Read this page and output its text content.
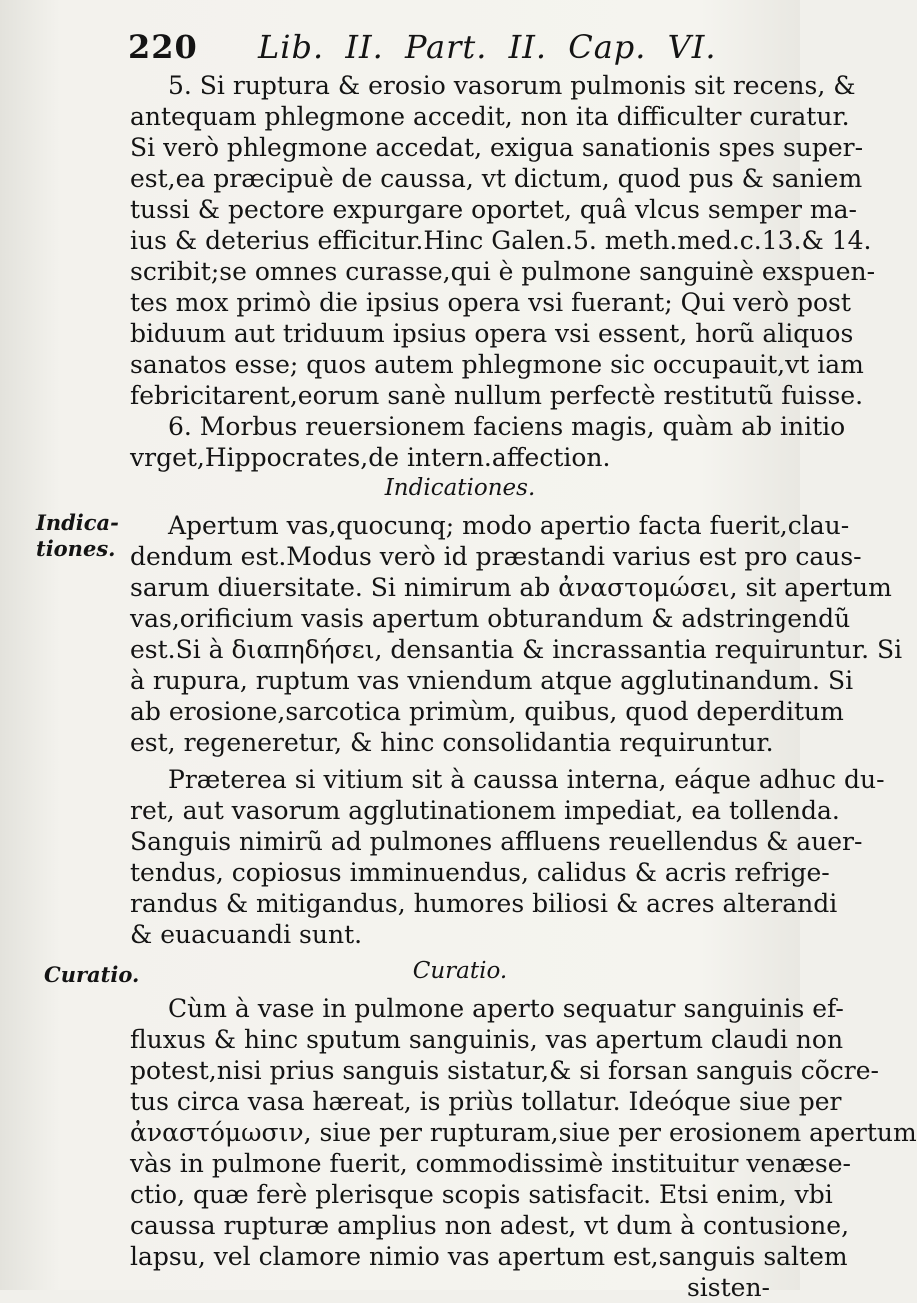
220 Lib. II. Part. II. Cap. VI.
Indica-
tiones.
Curatio.
5. Si ruptura & erosio vasorum pulmonis sit recens, &
antequam phlegmone accedit, non ita difficulter curatur.
Si verò phlegmone accedat, exigua sanationis spes super-
est,ea præcipuè de caussa, vt dictum, quod pus & saniem
tussi & pectore expurgare oportet, quâ vlcus semper ma-
ius & deterius efficitur.Hinc Galen.5. meth.med.c.13.& 14.
scribit;se omnes curasse,qui è pulmone sanguinè exspuen-
tes mox primò die ipsius opera vsi fuerant; Qui verò post
biduum aut triduum ipsius opera vsi essent, horũ aliquos
sanatos esse; quos autem phlegmone sic occupauit,vt iam
febricitarent,eorum sanè nullum perfectè restitutũ fuisse.
6. Morbus reuersionem faciens magis, quàm ab initio
vrget,Hippocrates,de intern.affection.
Indicationes.
Apertum vas,quocunq; modo apertio facta fuerit,clau-
dendum est.Modus verò id præstandi varius est pro caus-
sarum diuersitate. Si nimirum ab ἀναστομώσει, sit apertum
vas,orificium vasis apertum obturandum & adstringendũ
est.Si à διαπηδήσει, densantia & incrassantia requiruntur. Si
à rupura, ruptum vas vniendum atque agglutinandum. Si
ab erosione,sarcotica primùm, quibus, quod deperditum
est, regeneretur, & hinc consolidantia requiruntur.
Præterea si vitium sit à caussa interna, eáque adhuc du-
ret, aut vasorum agglutinationem impediat, ea tollenda.
Sanguis nimirũ ad pulmones affluens reuellendus & auer-
tendus, copiosus imminuendus, calidus & acris refrige-
randus & mitigandus, humores biliosi & acres alterandi
& euacuandi sunt.
Curatio.
Cùm à vase in pulmone aperto sequatur sanguinis ef-
fluxus & hinc sputum sanguinis, vas apertum claudi non
potest,nisi prius sanguis sistatur,& si forsan sanguis cõcre-
tus circa vasa hæreat, is priùs tollatur. Ideóque siue per
ἀναστόμωσιν, siue per rupturam,siue per erosionem apertum
vàs in pulmone fuerit, commodissimè instituitur venæse-
ctio, quæ ferè plerisque scopis satisfacit. Etsi enim, vbi
caussa rupturæ amplius non adest, vt dum à contusione,
lapsu, vel clamore nimio vas apertum est,sanguis saltem
sisten-
